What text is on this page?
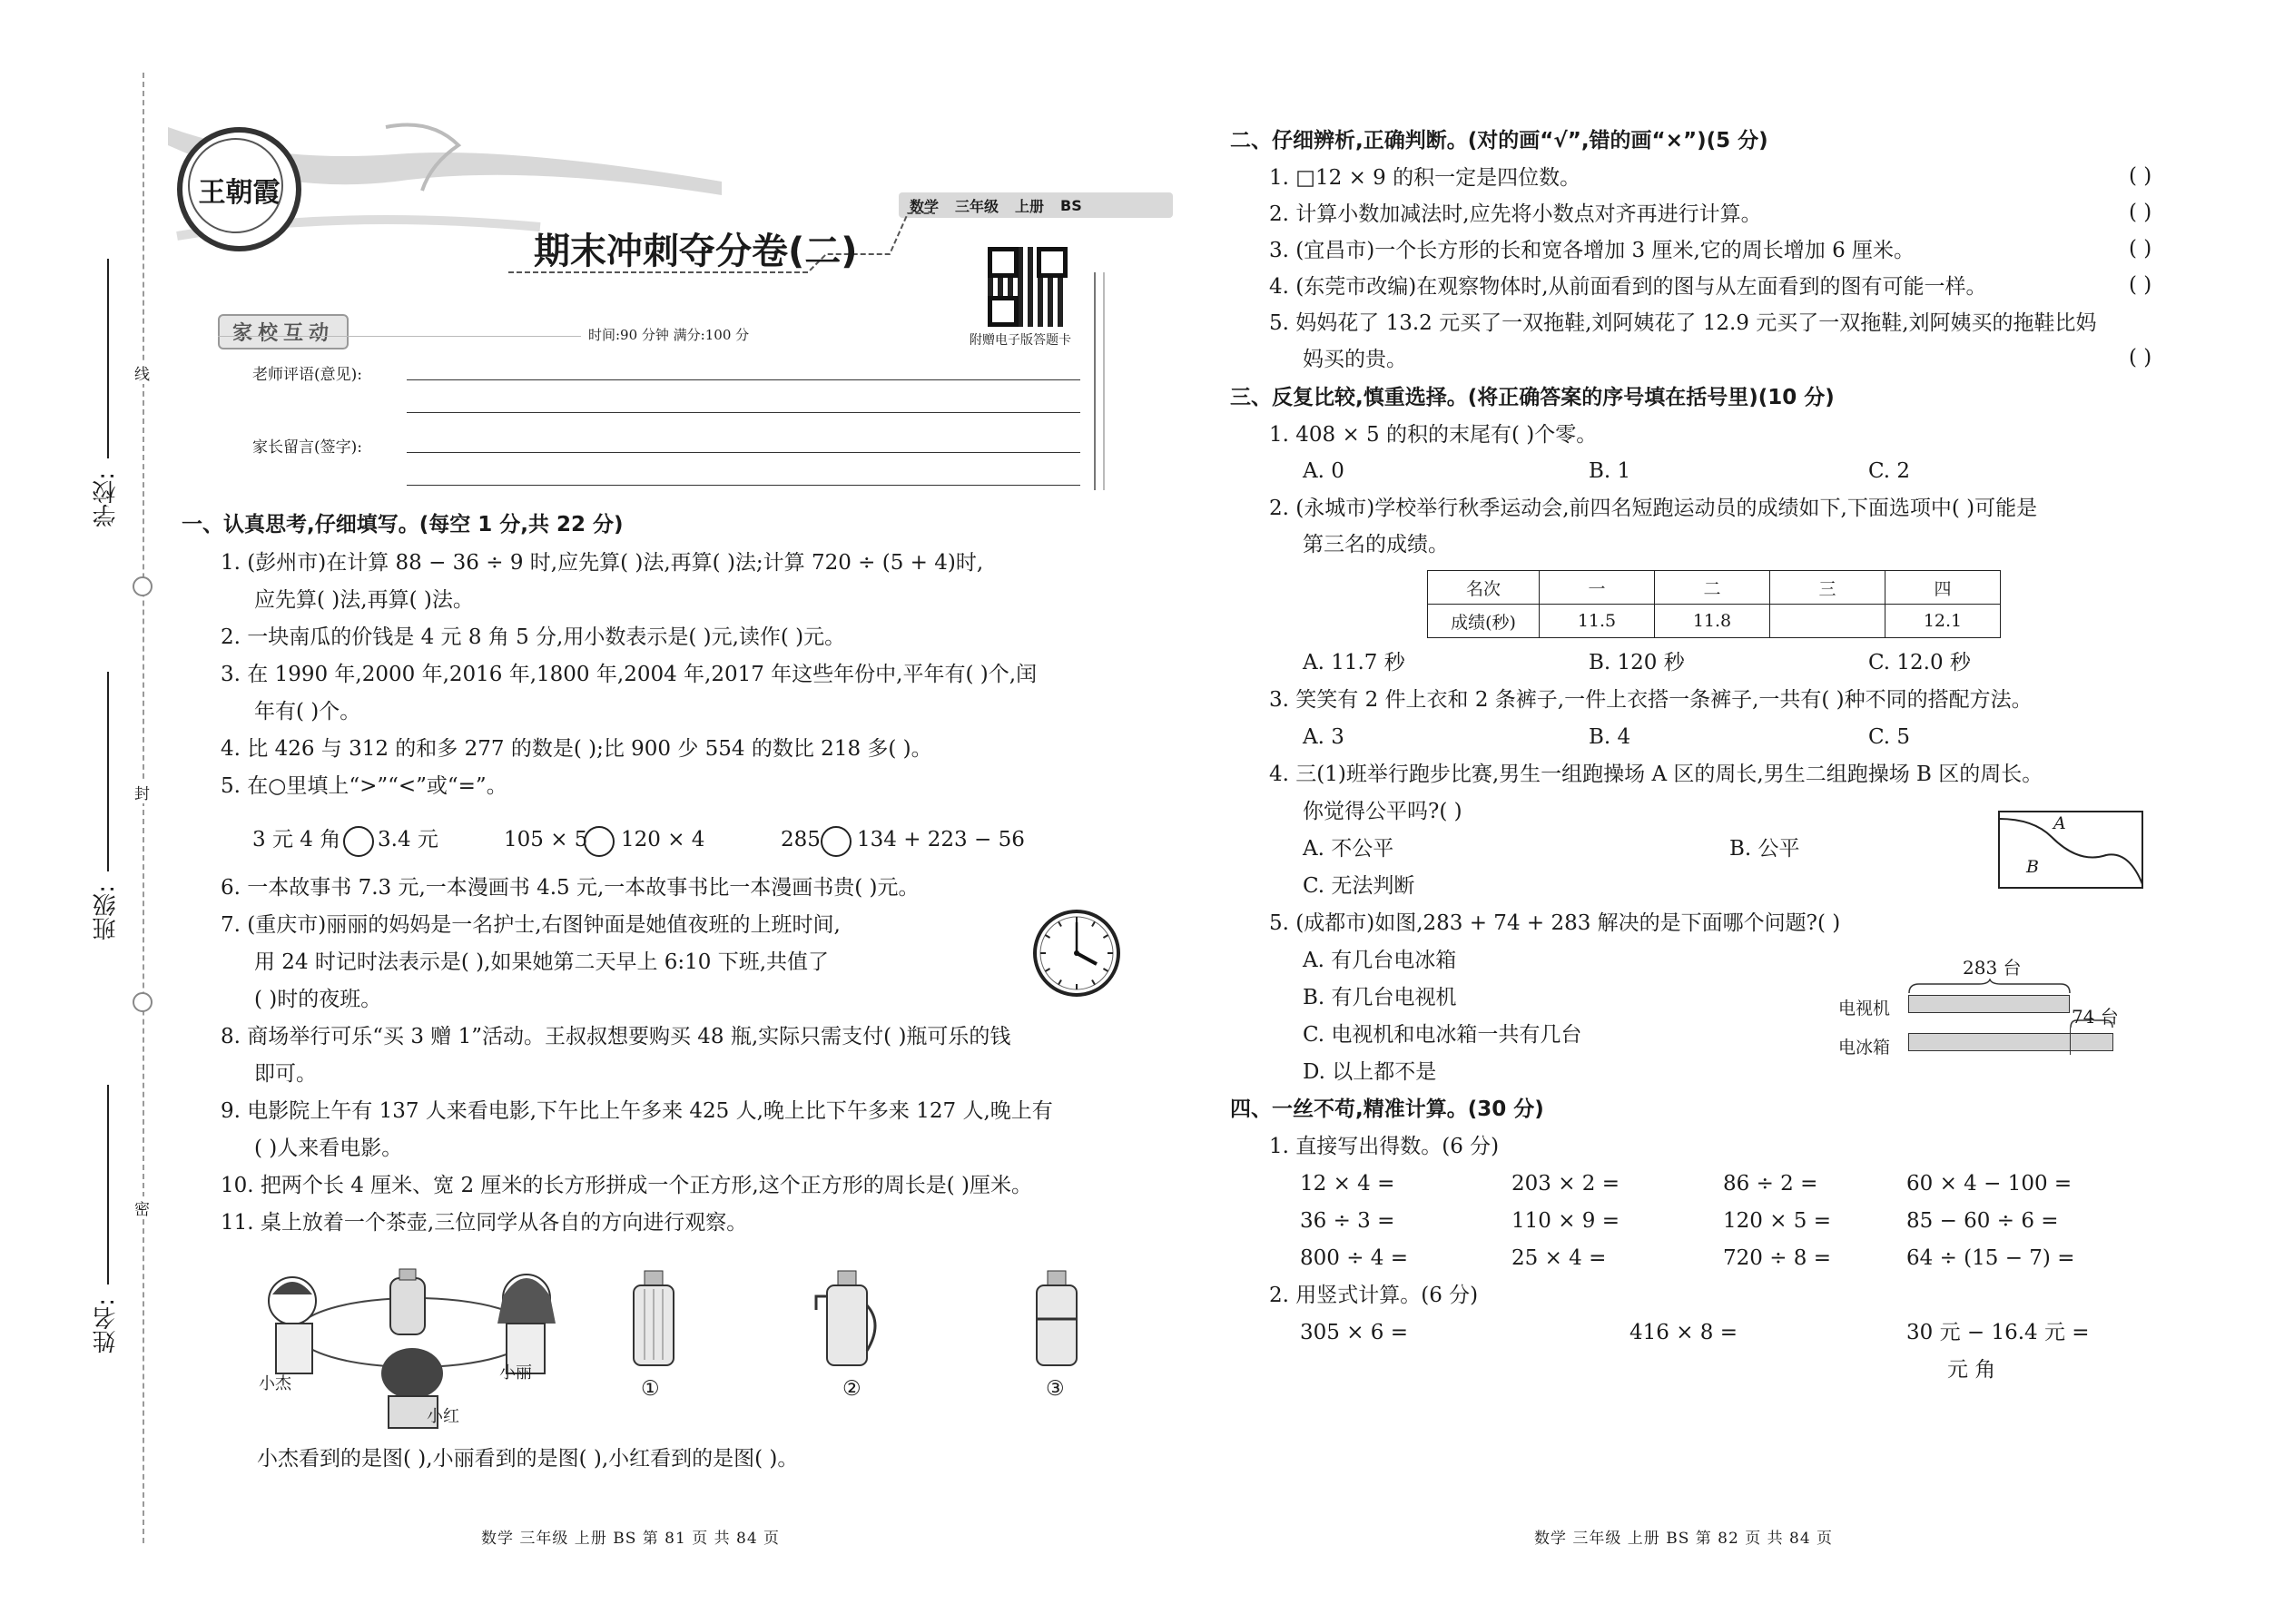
线
封
密
学校:
班级:
姓名:
王朝霞	数学 三年级 上册 BS
期末冲刺夺分卷(二)
附赠电子版答题卡
家校互动	时间:90 分钟 满分:100 分
老师评语(意见):
家长留言(签字):
一、认真思考,仔细填写。(每空 1 分,共 22 分)
1. (彭州市)在计算 88 − 36 ÷ 9 时,应先算( )法,再算( )法;计算 720 ÷ (5 + 4)时,
应先算( )法,再算( )法。
2. 一块南瓜的价钱是 4 元 8 角 5 分,用小数表示是( )元,读作( )元。
3. 在 1990 年,2000 年,2016 年,1800 年,2004 年,2017 年这些年份中,平年有( )个,闰
年有( )个。
4. 比 426 与 312 的和多 277 的数是( );比 900 少 554 的数比 218 多( )。
5. 在○里填上“>”“<”或“=”。
3 元 4 角 3.4 元	105 × 5 120 × 4	285 134 + 223 − 56
6. 一本故事书 7.3 元,一本漫画书 4.5 元,一本故事书比一本漫画书贵( )元。
7. (重庆市)丽丽的妈妈是一名护士,右图钟面是她值夜班的上班时间,
用 24 时记时法表示是( ),如果她第二天早上 6:10 下班,共值了
( )时的夜班。
8. 商场举行可乐“买 3 赠 1”活动。王叔叔想要购买 48 瓶,实际只需支付( )瓶可乐的钱
即可。
9. 电影院上午有 137 人来看电影,下午比上午多来 425 人,晚上比下午多来 127 人,晚上有
( )人来看电影。
10. 把两个长 4 厘米、宽 2 厘米的长方形拼成一个正方形,这个正方形的周长是( )厘米。
11. 桌上放着一个茶壶,三位同学从各自的方向进行观察。
小杰
小丽
小红
①	②	③
小杰看到的是图( ),小丽看到的是图( ),小红看到的是图( )。
数学 三年级 上册 BS 第 81 页 共 84 页
二、仔细辨析,正确判断。(对的画“√”,错的画“×”)(5 分)
1. □12 × 9 的积一定是四位数。	( )
2. 计算小数加减法时,应先将小数点对齐再进行计算。	( )
3. (宜昌市)一个长方形的长和宽各增加 3 厘米,它的周长增加 6 厘米。	( )
4. (东莞市改编)在观察物体时,从前面看到的图与从左面看到的图有可能一样。	( )
5. 妈妈花了 13.2 元买了一双拖鞋,刘阿姨花了 12.9 元买了一双拖鞋,刘阿姨买的拖鞋比妈
妈买的贵。	( )
三、反复比较,慎重选择。(将正确答案的序号填在括号里)(10 分)
1. 408 × 5 的积的末尾有( )个零。
A. 0	B. 1	C. 2
2. (永城市)学校举行秋季运动会,前四名短跑运动员的成绩如下,下面选项中( )可能是
第三名的成绩。
名次	一	二	三	四
成绩(秒)	11.5	11.8		12.1
A. 11.7 秒	B. 120 秒	C. 12.0 秒
3. 笑笑有 2 件上衣和 2 条裤子,一件上衣搭一条裤子,一共有( )种不同的搭配方法。
A. 3	B. 4	C. 5
4. 三(1)班举行跑步比赛,男生一组跑操场 A 区的周长,男生二组跑操场 B 区的周长。
你觉得公平吗?( )
A. 不公平	B. 公平
C. 无法判断
A
B
5. (成都市)如图,283 + 74 + 283 解决的是下面哪个问题?( )
A. 有几台电冰箱
B. 有几台电视机
C. 电视机和电冰箱一共有几台
D. 以上都不是
电视机
电冰箱
283 台
74 台
四、一丝不苟,精准计算。(30 分)
1. 直接写出得数。(6 分)
12 × 4 =	203 × 2 =	86 ÷ 2 =	60 × 4 − 100 =
36 ÷ 3 =	110 × 9 =	120 × 5 =	85 − 60 ÷ 6 =
800 ÷ 4 =	25 × 4 =	720 ÷ 8 =	64 ÷ (15 − 7) =
2. 用竖式计算。(6 分)
305 × 6 =	416 × 8 =	30 元 − 16.4 元 =
元 角
数学 三年级 上册 BS 第 82 页 共 84 页
